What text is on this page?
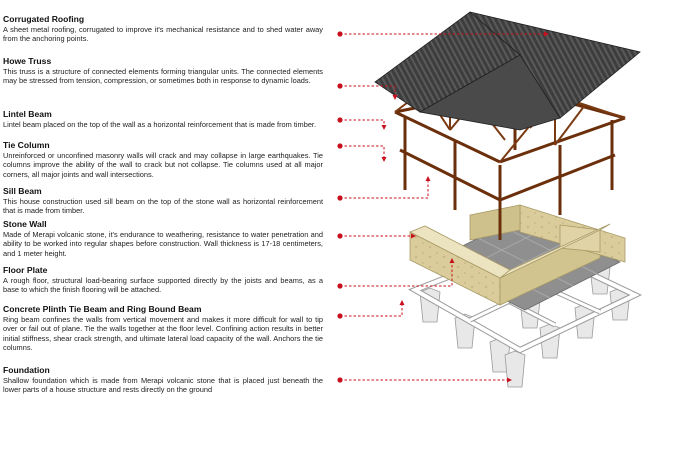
Corrugated Roofing

A sheet metal roofing, corrugated to improve it's mechanical resistance and to shed water away from the anchoring points.

Howe Truss

This truss is a structure of connected elements forming triangular units. The connected elements may be stressed from tension, compression, or sometimes both in response to dynamic loads.

Lintel Beam

Lintel beam placed on the top of the wall as a horizontal reinforcement that is made from timber.

Tie Column

Unreinforced or unconfined masonry walls will crack and may collapse in large earthquakes. Tie columns improve the ability of the wall to crack but not collapse. Tie columns used at all major corners, all major joints and wall intersections.

Sill Beam

This house construction used sill beam on the top of the stone wall as horizontal reinforcement that is made from timber.

Stone Wall

Made of Merapi volcanic stone, it's endurance to weathering, resistance to water penetration and ability to be worked into regular shapes before construction. Wall thickness is 17-18 centimeters, and 1 meter height.

Floor Plate

A rough floor, structural load-bearing surface supported directly by the joists and beams, as a base to which the finish flooring will be attached.

Concrete Plinth Tie Beam and Ring Bound Beam

Ring beam confines the walls from vertical movement and makes it more difficult for wall to tip over or fail out of plane. Tie the walls together at the floor level. Confining action results in better initial stiffness, shear crack strength, and ultimate lateral load capacity of the wall. Anchors the tie columns.

Foundation

Shallow foundation which is made from Merapi volcanic stone that is placed just beneath the lower parts of a house structure and rests directly on the ground
